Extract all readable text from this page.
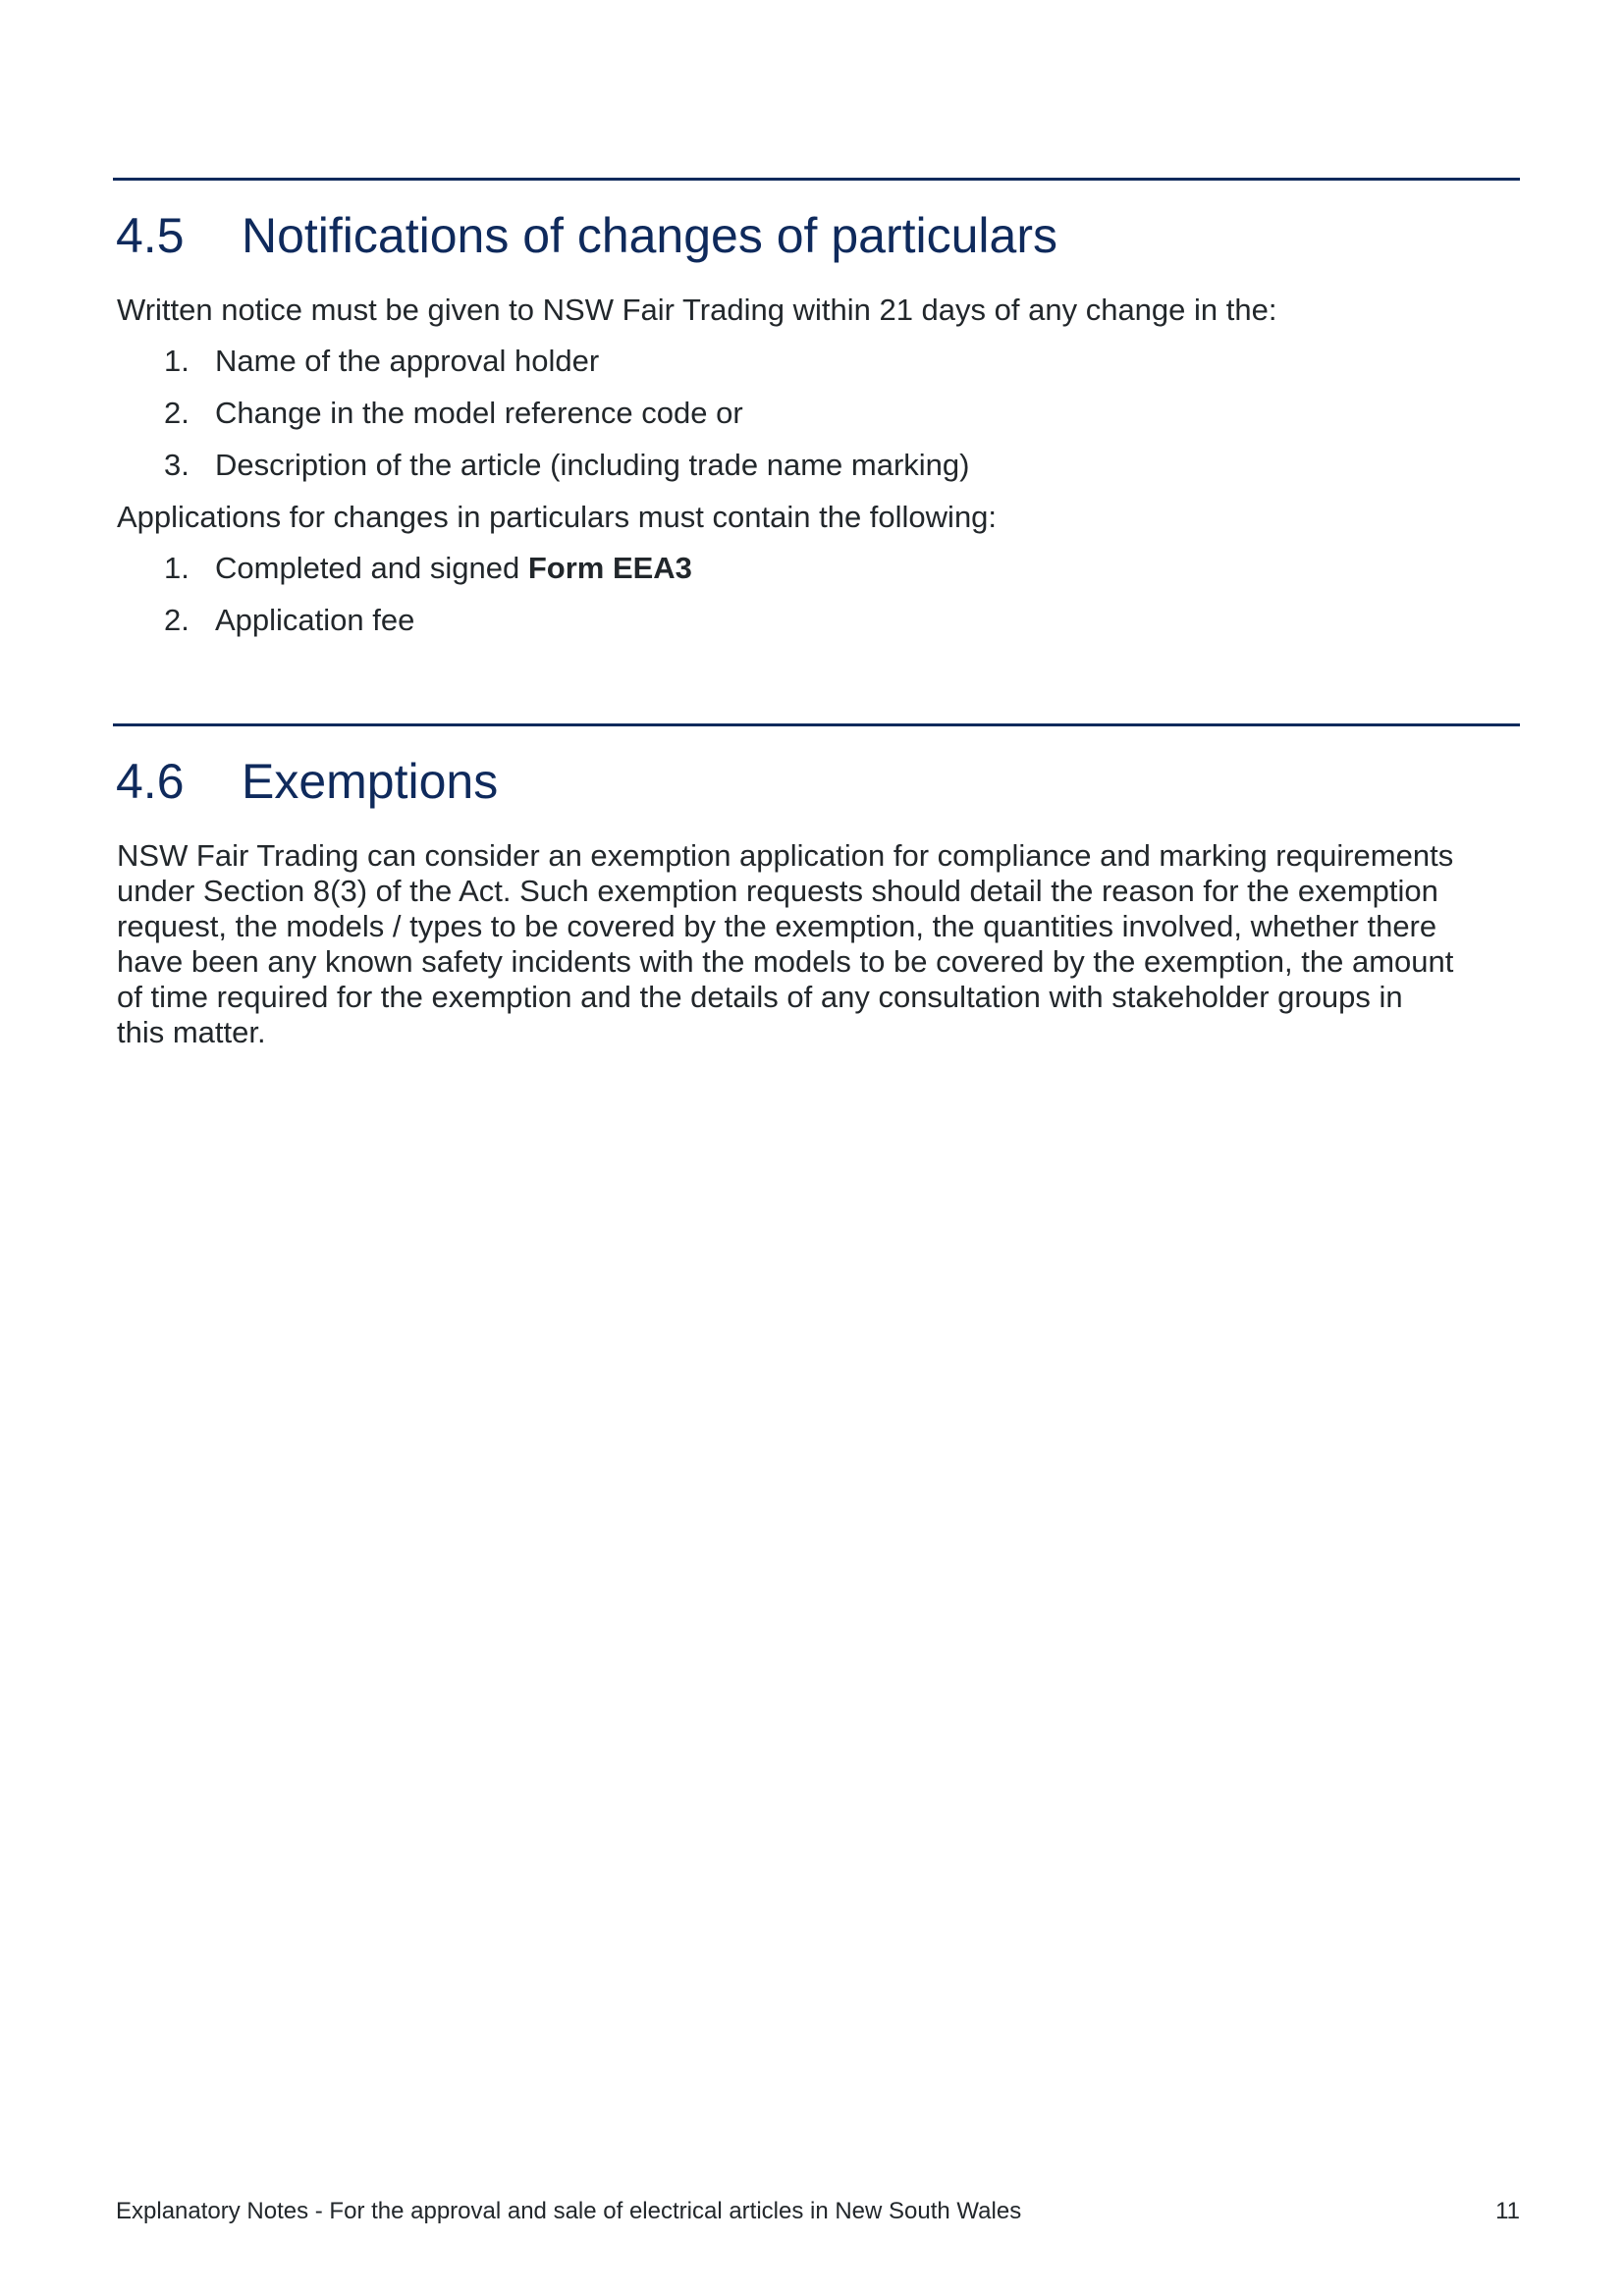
4.5	Notifications of changes of particulars
Written notice must be given to NSW Fair Trading within 21 days of any change in the:
1. Name of the approval holder
2. Change in the model reference code or
3. Description of the article (including trade name marking)
Applications for changes in particulars must contain the following:
1. Completed and signed Form EEA3
2. Application fee
4.6	Exemptions
NSW Fair Trading can consider an exemption application for compliance and marking requirements
under Section 8(3) of the Act. Such exemption requests should detail the reason for the exemption
request, the models / types to be covered by the exemption, the quantities involved, whether there
have been any known safety incidents with the models to be covered by the exemption, the amount
of time required for the exemption and the details of any consultation with stakeholder groups in
this matter.
Explanatory Notes - For the approval and sale of electrical articles in New South Wales	11
